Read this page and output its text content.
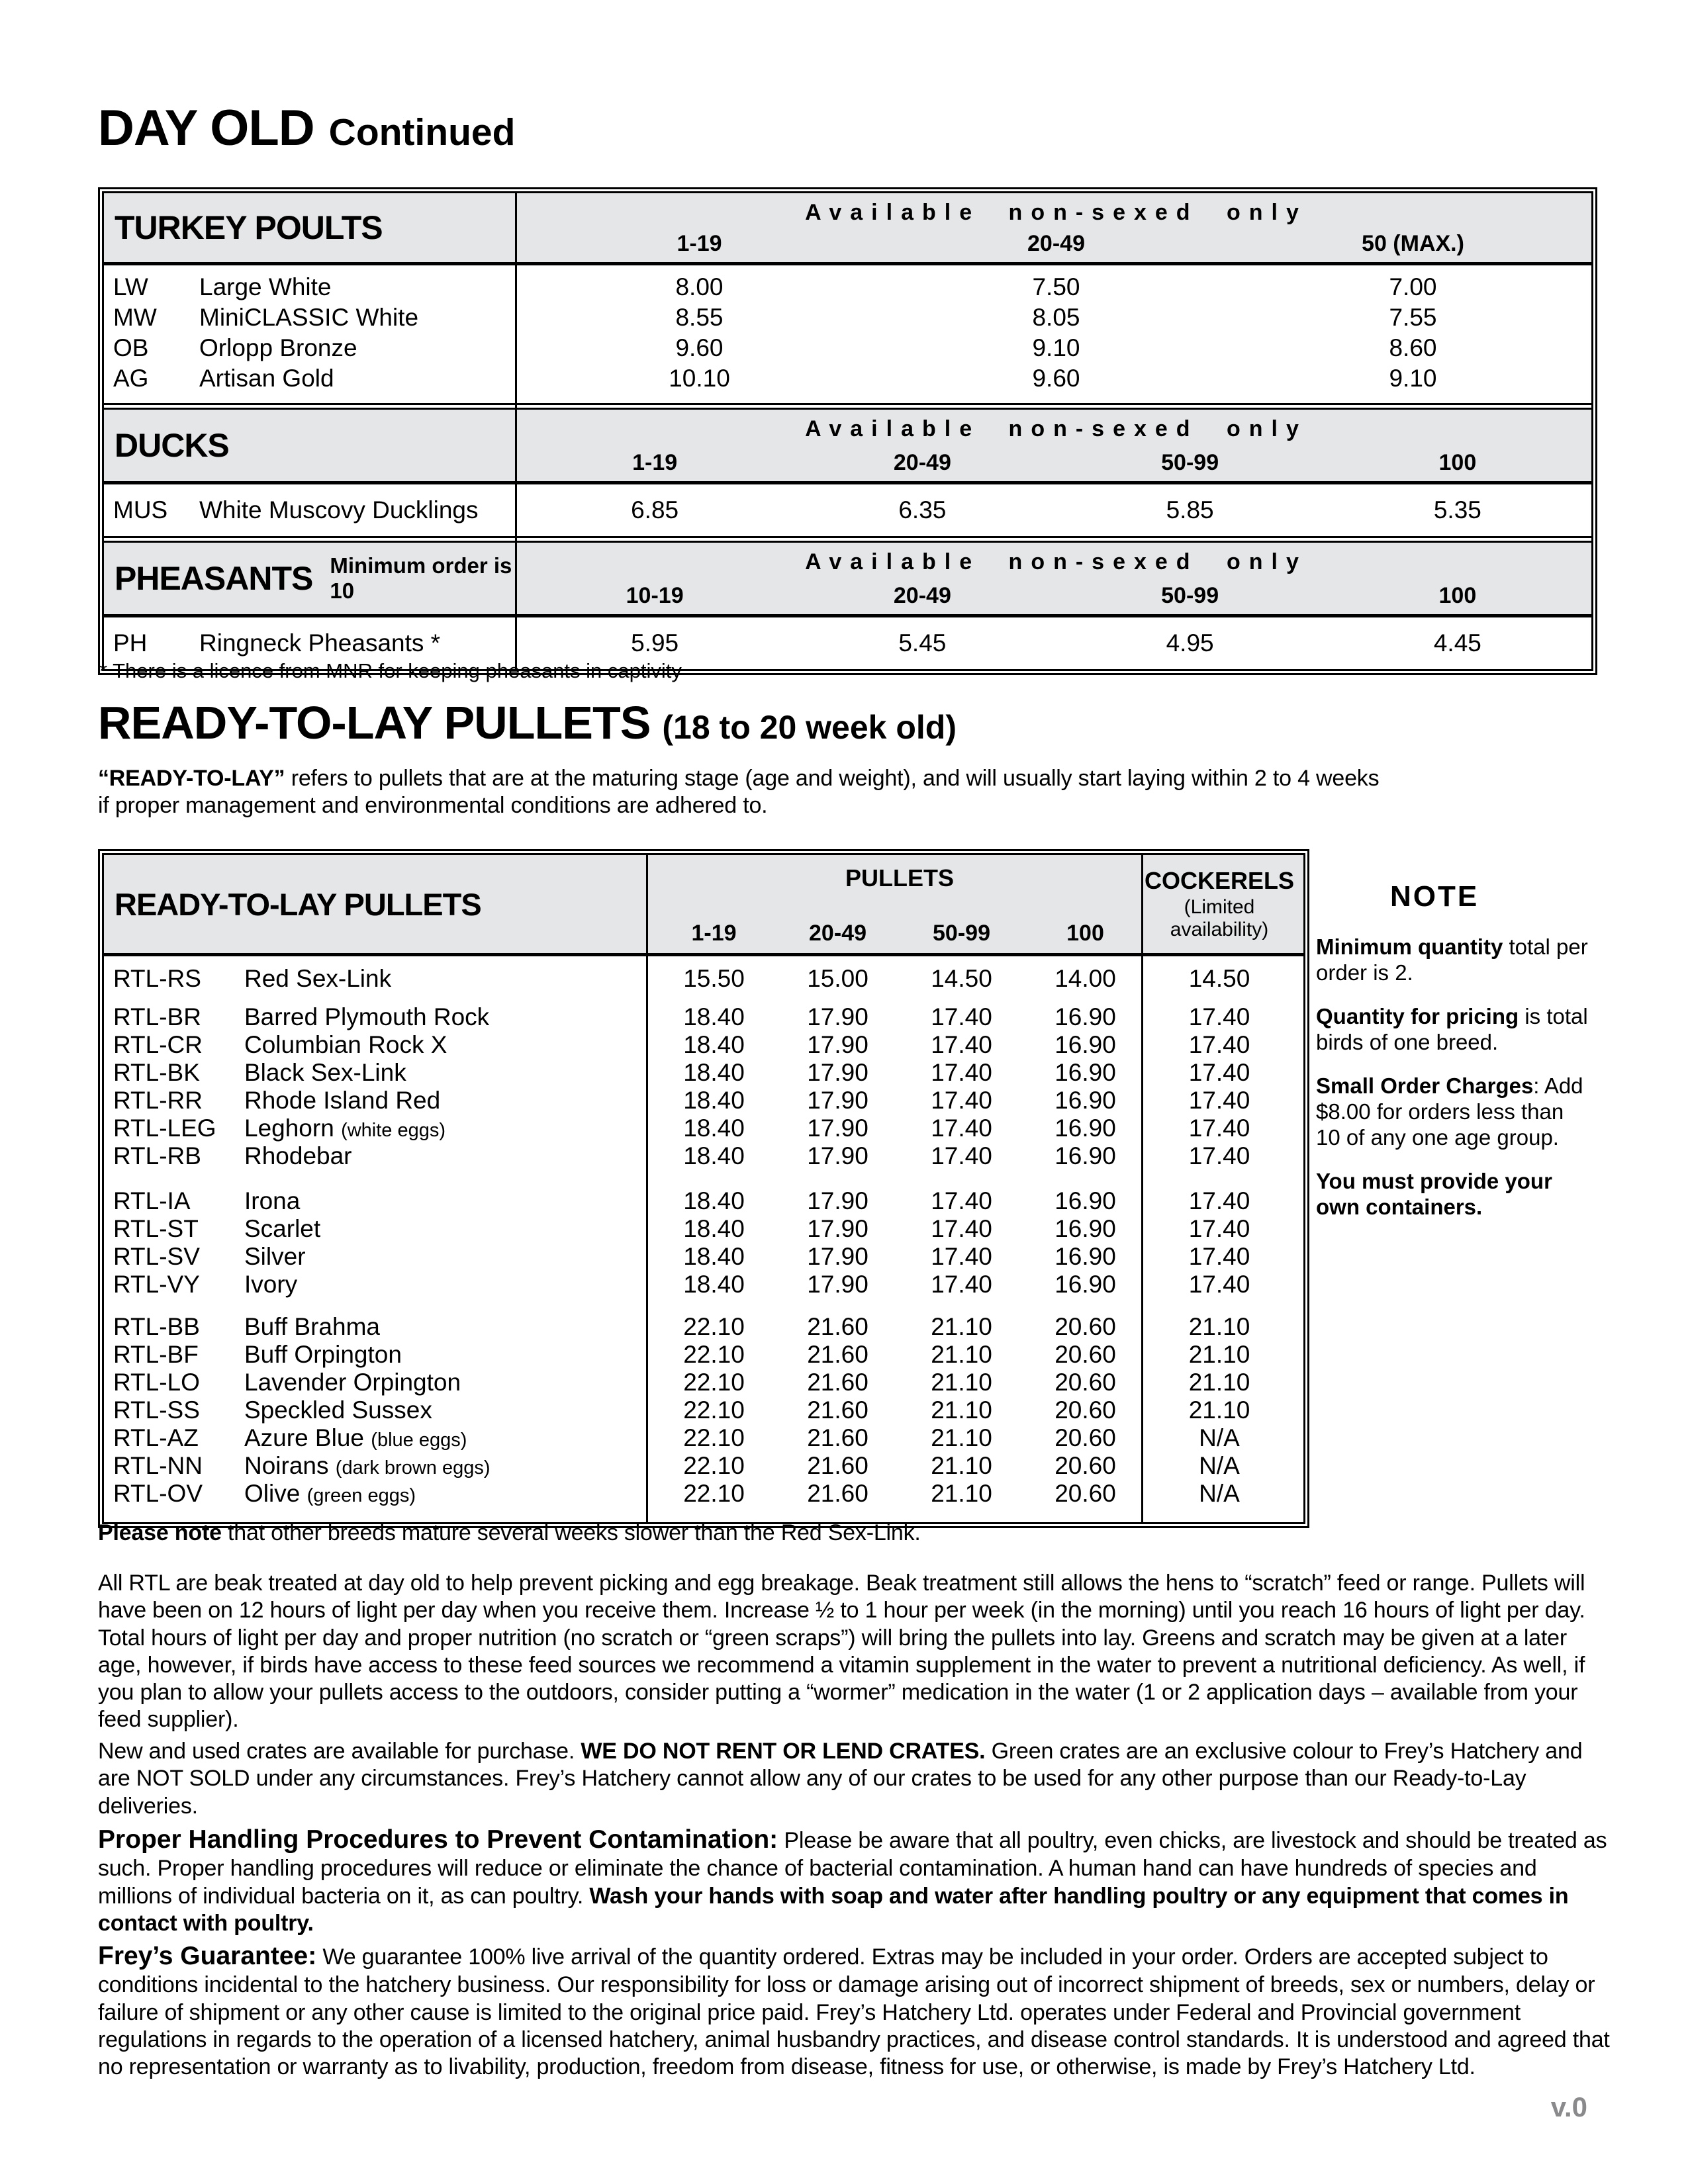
DAY OLD Continued
TURKEY POULTS	Available non-sexed only
1-19	20-49	50 (MAX.)
LW	Large White	8.00	7.50	7.00
MW	MiniCLASSIC White	8.55	8.05	7.55
OB	Orlopp Bronze	9.60	9.10	8.60
AG	Artisan Gold	10.10	9.60	9.10
DUCKS	Available non-sexed only
1-19	20-49	50-99	100
MUS	White Muscovy Ducklings	6.85	6.35	5.85	5.35
PHEASANTS Minimum order is 10
Available non-sexed only
10-19	20-49	50-99	100
PH	Ringneck Pheasants *	5.95	5.45	4.95	4.45
* There is a licence from MNR for keeping pheasants in captivity
READY-TO-LAY PULLETS (18 to 20 week old)
“READY-TO-LAY” refers to pullets that are at the maturing stage (age and weight), and will usually start laying within 2 to 4 weeks if proper management and environmental conditions are adhered to.
READY-TO-LAY PULLETS
PULLETS
1-19	20-49	50-99	100
COCKERELS
(Limited availability)
RTL-RS	Red Sex-Link	15.50	15.00	14.50	14.00	14.50
RTL-BR	Barred Plymouth Rock	18.40	17.90	17.40	16.90	17.40
RTL-CR	Columbian Rock X	18.40	17.90	17.40	16.90	17.40
RTL-BK	Black Sex-Link	18.40	17.90	17.40	16.90	17.40
RTL-RR	Rhode Island Red	18.40	17.90	17.40	16.90	17.40
RTL-LEG	Leghorn (white eggs)	18.40	17.90	17.40	16.90	17.40
RTL-RB	Rhodebar	18.40	17.90	17.40	16.90	17.40
RTL-IA	Irona	18.40	17.90	17.40	16.90	17.40
RTL-ST	Scarlet	18.40	17.90	17.40	16.90	17.40
RTL-SV	Silver	18.40	17.90	17.40	16.90	17.40
RTL-VY	Ivory	18.40	17.90	17.40	16.90	17.40
RTL-BB	Buff Brahma	22.10	21.60	21.10	20.60	21.10
RTL-BF	Buff Orpington	22.10	21.60	21.10	20.60	21.10
RTL-LO	Lavender Orpington	22.10	21.60	21.10	20.60	21.10
RTL-SS	Speckled Sussex	22.10	21.60	21.10	20.60	21.10
RTL-AZ	Azure Blue (blue eggs)	22.10	21.60	21.10	20.60	N/A
RTL-NN	Noirans (dark brown eggs)	22.10	21.60	21.10	20.60	N/A
RTL-OV	Olive (green eggs)	22.10	21.60	21.10	20.60	N/A
NOTE
Minimum quantity total per order is 2.
Quantity for pricing is total birds of one breed.
Small Order Charges: Add $8.00 for orders less than 10 of any one age group.
You must provide your own containers.
Please note that other breeds mature several weeks slower than the Red Sex-Link.
All RTL are beak treated at day old to help prevent picking and egg breakage. Beak treatment still allows the hens to “scratch” feed or range. Pullets will have been on 12 hours of light per day when you receive them. Increase ½ to 1 hour per week (in the morning) until you reach 16 hours of light per day. Total hours of light per day and proper nutrition (no scratch or “green scraps”) will bring the pullets into lay. Greens and scratch may be given at a later age, however, if birds have access to these feed sources we recommend a vitamin supplement in the water to prevent a nutritional deficiency. As well, if you plan to allow your pullets access to the outdoors, consider putting a “wormer” medication in the water (1 or 2 application days – available from your feed supplier).
New and used crates are available for purchase. WE DO NOT RENT OR LEND CRATES. Green crates are an exclusive colour to Frey’s Hatchery and are NOT SOLD under any circumstances. Frey’s Hatchery cannot allow any of our crates to be used for any other purpose than our Ready-to-Lay deliveries.
Proper Handling Procedures to Prevent Contamination: Please be aware that all poultry, even chicks, are livestock and should be treated as such. Proper handling procedures will reduce or eliminate the chance of bacterial contamination. A human hand can have hundreds of species and millions of individual bacteria on it, as can poultry. Wash your hands with soap and water after handling poultry or any equipment that comes in contact with poultry.
Frey’s Guarantee: We guarantee 100% live arrival of the quantity ordered. Extras may be included in your order. Orders are accepted subject to conditions incidental to the hatchery business. Our responsibility for loss or damage arising out of incorrect shipment of breeds, sex or numbers, delay or failure of shipment or any other cause is limited to the original price paid. Frey’s Hatchery Ltd. operates under Federal and Provincial government regulations in regards to the operation of a licensed hatchery, animal husbandry practices, and disease control standards. It is understood and agreed that no representation or warranty as to livability, production, freedom from disease, fitness for use, or otherwise, is made by Frey’s Hatchery Ltd.
v.0
